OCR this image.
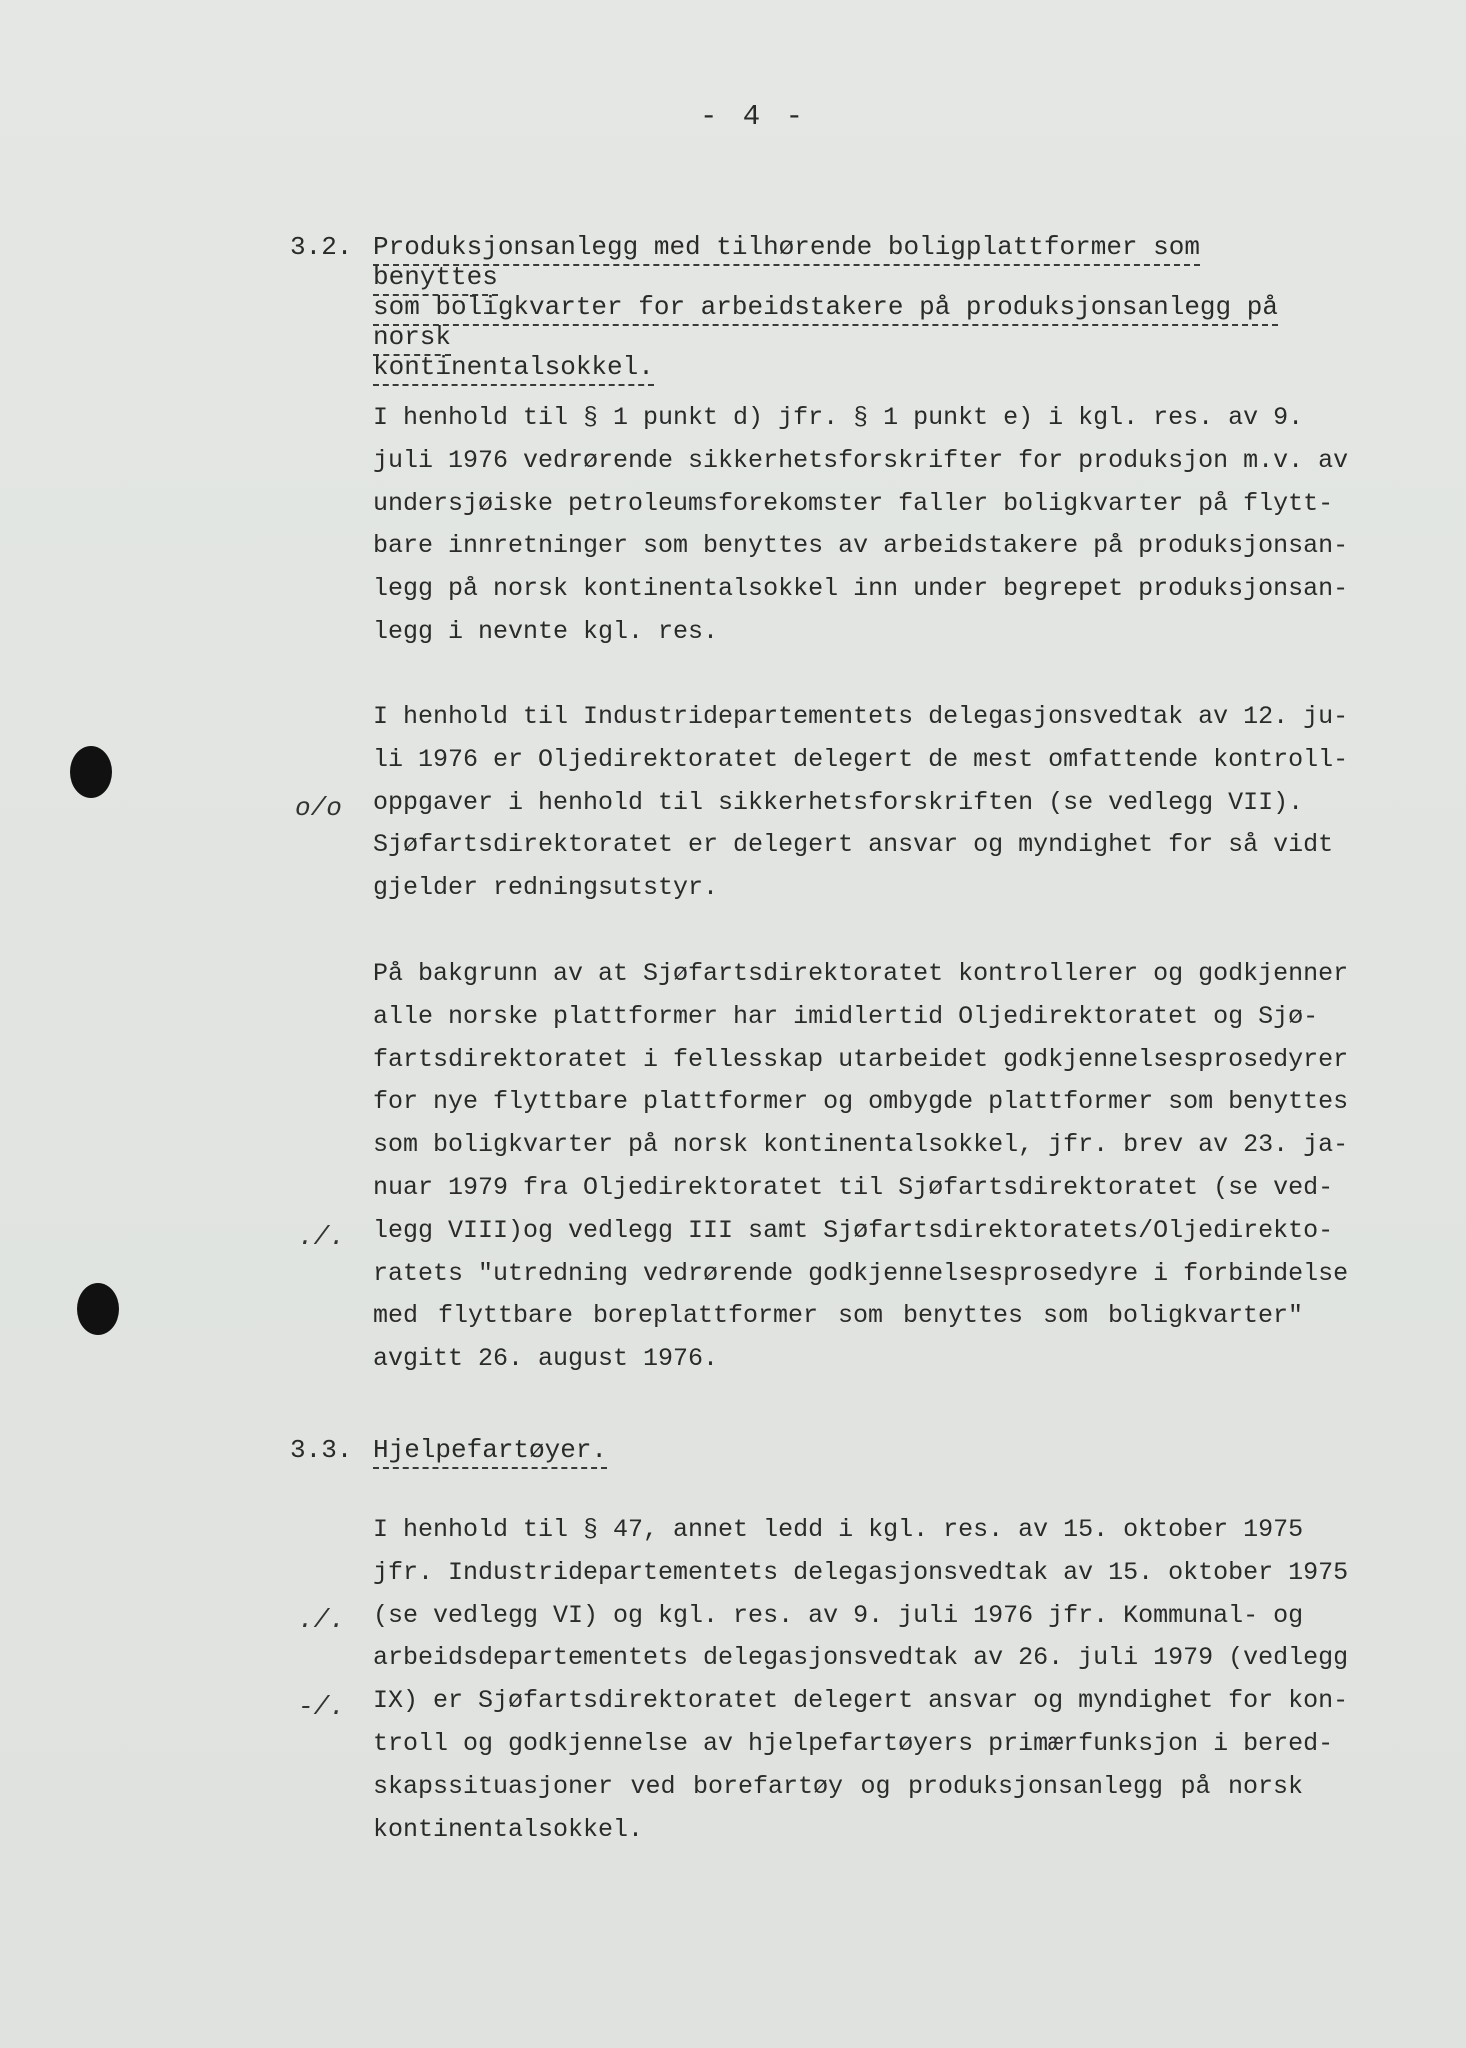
- 4 -
3.2. Produksjonsanlegg med tilhørende boligplattformer som benyttes
som boligkvarter for arbeidstakere på produksjonsanlegg på norsk
kontinentalsokkel.
I henhold til § 1 punkt d) jfr. § 1 punkt e) i kgl. res. av 9.
juli 1976 vedrørende sikkerhetsforskrifter for produksjon m.v. av
undersjøiske petroleumsforekomster faller boligkvarter på flytt-
bare innretninger som benyttes av arbeidstakere på produksjonsan-
legg på norsk kontinentalsokkel inn under begrepet produksjonsan-
legg i nevnte kgl. res.
I henhold til Industridepartementets delegasjonsvedtak av 12. ju-
li 1976 er Oljedirektoratet delegert de mest omfattende kontroll-
oppgaver i henhold til sikkerhetsforskriften (se vedlegg VII).
Sjøfartsdirektoratet er delegert ansvar og myndighet for så vidt
gjelder redningsutstyr.
På bakgrunn av at Sjøfartsdirektoratet kontrollerer og godkjenner
alle norske plattformer har imidlertid Oljedirektoratet og Sjø-
fartsdirektoratet i fellesskap utarbeidet godkjennelsesprosedyrer
for nye flyttbare plattformer og ombygde plattformer som benyttes
som boligkvarter på norsk kontinentalsokkel, jfr. brev av 23. ja-
nuar 1979 fra Oljedirektoratet til Sjøfartsdirektoratet (se ved-
legg VIII)og vedlegg III samt Sjøfartsdirektoratets/Oljedirekto-
ratets "utredning vedrørende godkjennelsesprosedyre i forbindelse
med flyttbare boreplattformer som benyttes som boligkvarter"
avgitt 26. august 1976.
3.3. Hjelpefartøyer.
I henhold til § 47, annet ledd i kgl. res. av 15. oktober 1975
jfr. Industridepartementets delegasjonsvedtak av 15. oktober 1975
(se vedlegg VI) og kgl. res. av 9. juli 1976 jfr. Kommunal- og
arbeidsdepartementets delegasjonsvedtak av 26. juli 1979 (vedlegg
IX) er Sjøfartsdirektoratet delegert ansvar og myndighet for kon-
troll og godkjennelse av hjelpefartøyers primærfunksjon i bered-
skapssituasjoner ved borefartøy og produksjonsanlegg på norsk
kontinentalsokkel.
o/o
./.
./.
-/.
